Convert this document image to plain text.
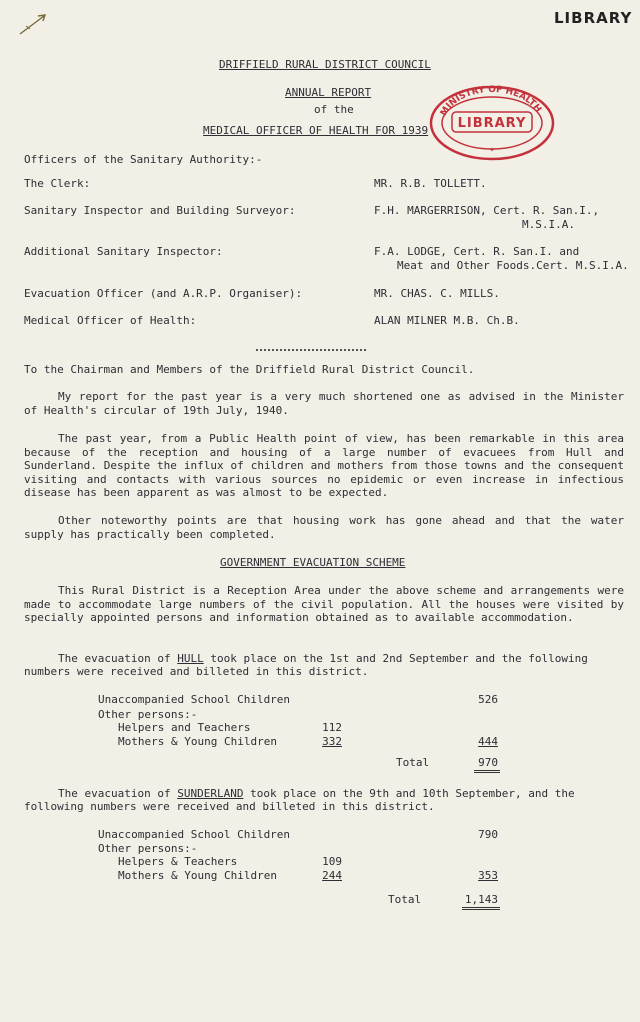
LIBRARY
DRIFFIELD RURAL DISTRICT COUNCIL
ANNUAL REPORT
of the
MEDICAL OFFICER OF HEALTH FOR 1939
MINISTRY OF HEALTH
LIBRARY
✦
Officers of the Sanitary Authority:-
The Clerk:	MR. R.B. TOLLETT.
Sanitary Inspector and Building Surveyor:	F.H. MARGERRISON, Cert. R. San.I.,
M.S.I.A.
Additional Sanitary Inspector:	F.A. LODGE, Cert. R. San.I. and
Meat and Other Foods.Cert. M.S.I.A.
Evacuation Officer (and A.R.P. Organiser):	MR. CHAS. C. MILLS.
Medical Officer of Health:	ALAN MILNER M.B. Ch.B.
To the Chairman and Members of the Driffield Rural District Council.
My report for the past year is a very much shortened one as advised in the Minister of Health's circular of 19th July, 1940.
The past year, from a Public Health point of view, has been remarkable in this area because of the reception and housing of a large number of evacuees from Hull and Sunderland. Despite the influx of children and mothers from those towns and the consequent visiting and contacts with various sources no epidemic or even increase in infectious disease has been apparent as was almost to be expected.
Other noteworthy points are that housing work has gone ahead and that the water supply has practically been completed.
GOVERNMENT EVACUATION SCHEME
This Rural District is a Reception Area under the above scheme and arrangements were made to accommodate large numbers of the civil population. All the houses were visited by specially appointed persons and information obtained as to available accommodation.
The evacuation of HULL took place on the 1st and 2nd September and the following
numbers were received and billeted in this district.
Unaccompanied School Children	526
Other persons:-
Helpers and Teachers	112
Mothers & Young Children	332	444
Total	970
The evacuation of SUNDERLAND took place on the 9th and 10th September, and the
following numbers were received and billeted in this district.
Unaccompanied School Children	790
Other persons:-
Helpers & Teachers	109
Mothers & Young Children	244	353
Total	1,143
